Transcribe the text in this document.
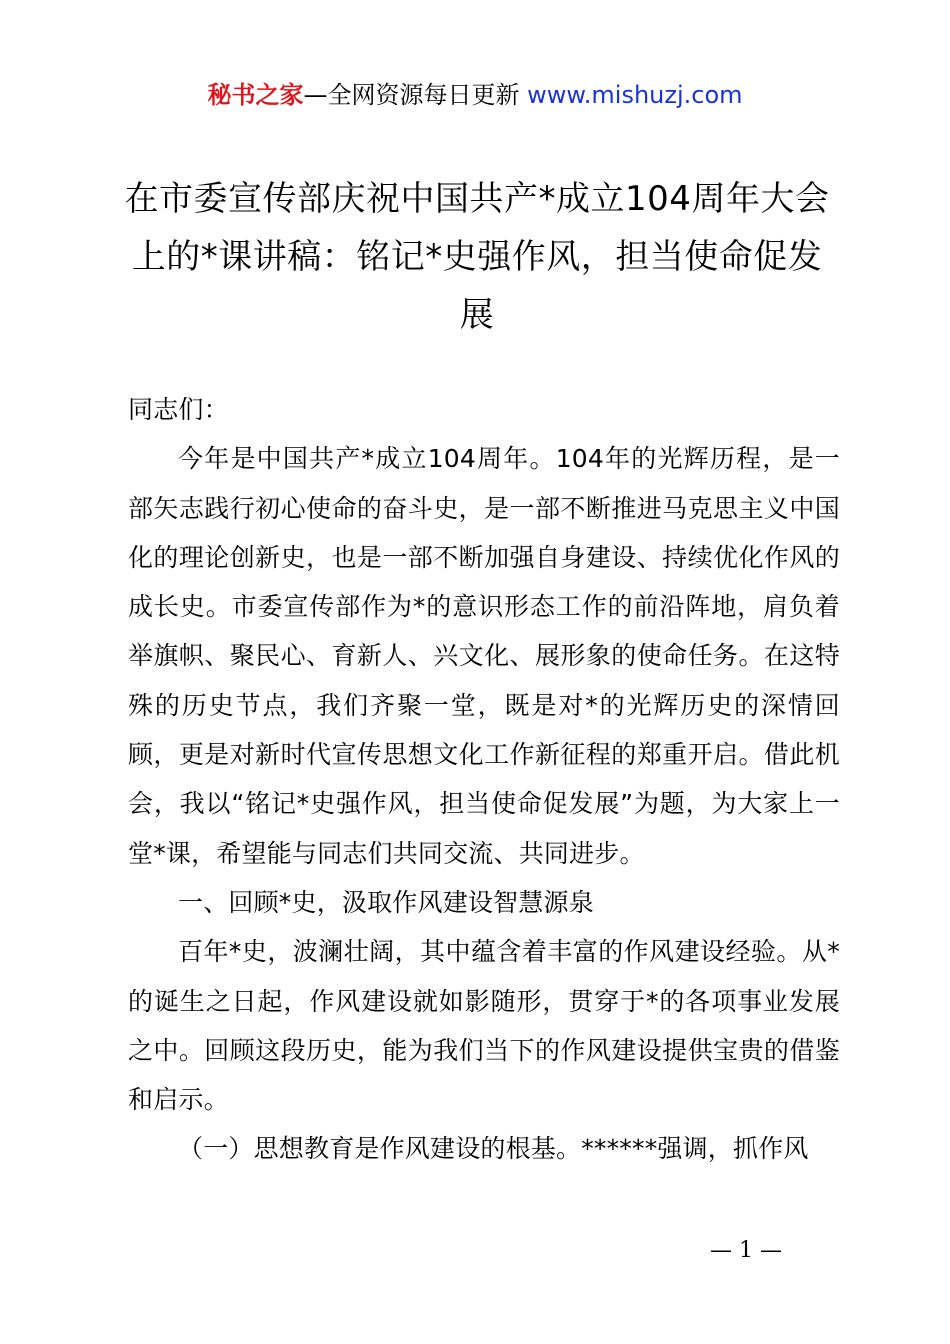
秘书之家—全网资源每日更新 www.mishuzj.com
在市委宣传部庆祝中国共产*成立104周年大会上的*课讲稿：铭记*史强作风，担当使命促发展

同志们：

今年是中国共产*成立104周年。104年的光辉历程，是一部矢志践行初心使命的奋斗史，是一部不断推进马克思主义中国化的理论创新史，也是一部不断加强自身建设、持续优化作风的成长史。市委宣传部作为*的意识形态工作的前沿阵地，肩负着举旗帜、聚民心、育新人、兴文化、展形象的使命任务。在这特殊的历史节点，我们齐聚一堂，既是对*的光辉历史的深情回顾，更是对新时代宣传思想文化工作新征程的郑重开启。借此机会，我以“铭记*史强作风，担当使命促发展”为题，为大家上一堂*课，希望能与同志们共同交流、共同进步。

一、回顾*史，汲取作风建设智慧源泉

百年*史，波澜壮阔，其中蕴含着丰富的作风建设经验。从*的诞生之日起，作风建设就如影随形，贯穿于*的各项事业发展之中。回顾这段历史，能为我们当下的作风建设提供宝贵的借鉴和启示。

（一）思想教育是作风建设的根基。******强调，抓作风

— 1 —
